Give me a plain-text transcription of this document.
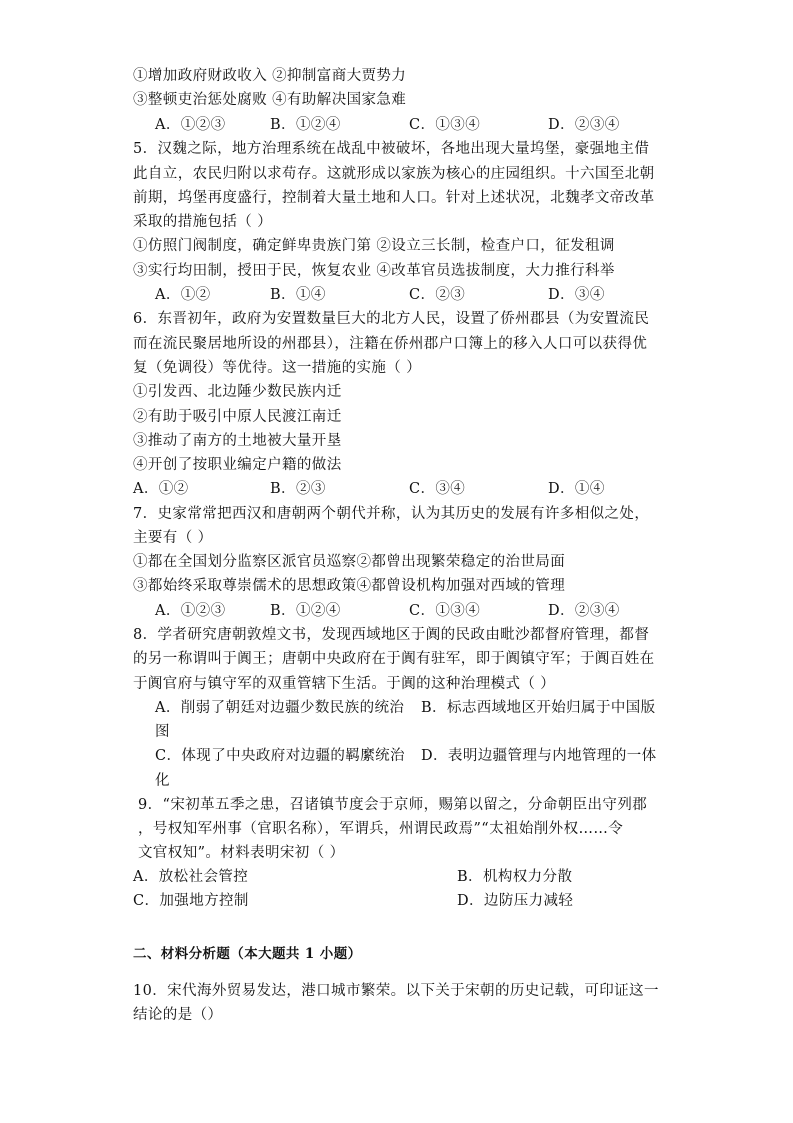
①增加政府财政收入 ②抑制富商大贾势力
③整顿吏治惩处腐败 ④有助解决国家急难
A．①②③	B．①②④	C．①③④	D．②③④
5．汉魏之际，地方治理系统在战乱中被破坏，各地出现大量坞堡，豪强地主借
此自立，农民归附以求苟存。这就形成以家族为核心的庄园组织。十六国至北朝
前期，坞堡再度盛行，控制着大量土地和人口。针对上述状况，北魏孝文帝改革
采取的措施包括（ ）
①仿照门阀制度，确定鲜卑贵族门第 ②设立三长制，检查户口，征发租调
③实行均田制，授田于民，恢复农业 ④改革官员选拔制度，大力推行科举
A．①②	B．①④	C．②③	D．③④
6．东晋初年，政府为安置数量巨大的北方人民，设置了侨州郡县（为安置流民
而在流民聚居地所设的州郡县），注籍在侨州郡户口簿上的移入人口可以获得优
复（免调役）等优待。这一措施的实施（ ）
①引发西、北边陲少数民族内迁
②有助于吸引中原人民渡江南迁
③推动了南方的土地被大量开垦
④开创了按职业编定户籍的做法
A．①②	B．②③	C．③④	D．①④
7．史家常常把西汉和唐朝两个朝代并称，认为其历史的发展有许多相似之处，
主要有（ ）
①都在全国划分监察区派官员巡察②都曾出现繁荣稳定的治世局面
③都始终采取尊崇儒术的思想政策④都曾设机构加强对西域的管理
A．①②③	B．①②④	C．①③④	D．②③④
8．学者研究唐朝敦煌文书，发现西域地区于阗的民政由毗沙都督府管理，都督
的另一称谓叫于阗王；唐朝中央政府在于阗有驻军，即于阗镇守军；于阗百姓在
于阗官府与镇守军的双重管辖下生活。于阗的这种治理模式（ ）
A．削弱了朝廷对边疆少数民族的统治 B．标志西域地区开始归属于中国版
图
C．体现了中央政府对边疆的羁縻统治 D．表明边疆管理与内地管理的一体
化
9．“宋初革五季之患，召诸镇节度会于京师，赐第以留之，分命朝臣出守列郡
，号权知军州事（官职名称），军谓兵，州谓民政焉”“太祖始削外权……令
文官权知”。材料表明宋初（ ）
A．放松社会管控	B．机构权力分散
C．加强地方控制	D．边防压力减轻
二、材料分析题（本大题共 1 小题）
10．宋代海外贸易发达，港口城市繁荣。以下关于宋朝的历史记载，可印证这一
结论的是（）
